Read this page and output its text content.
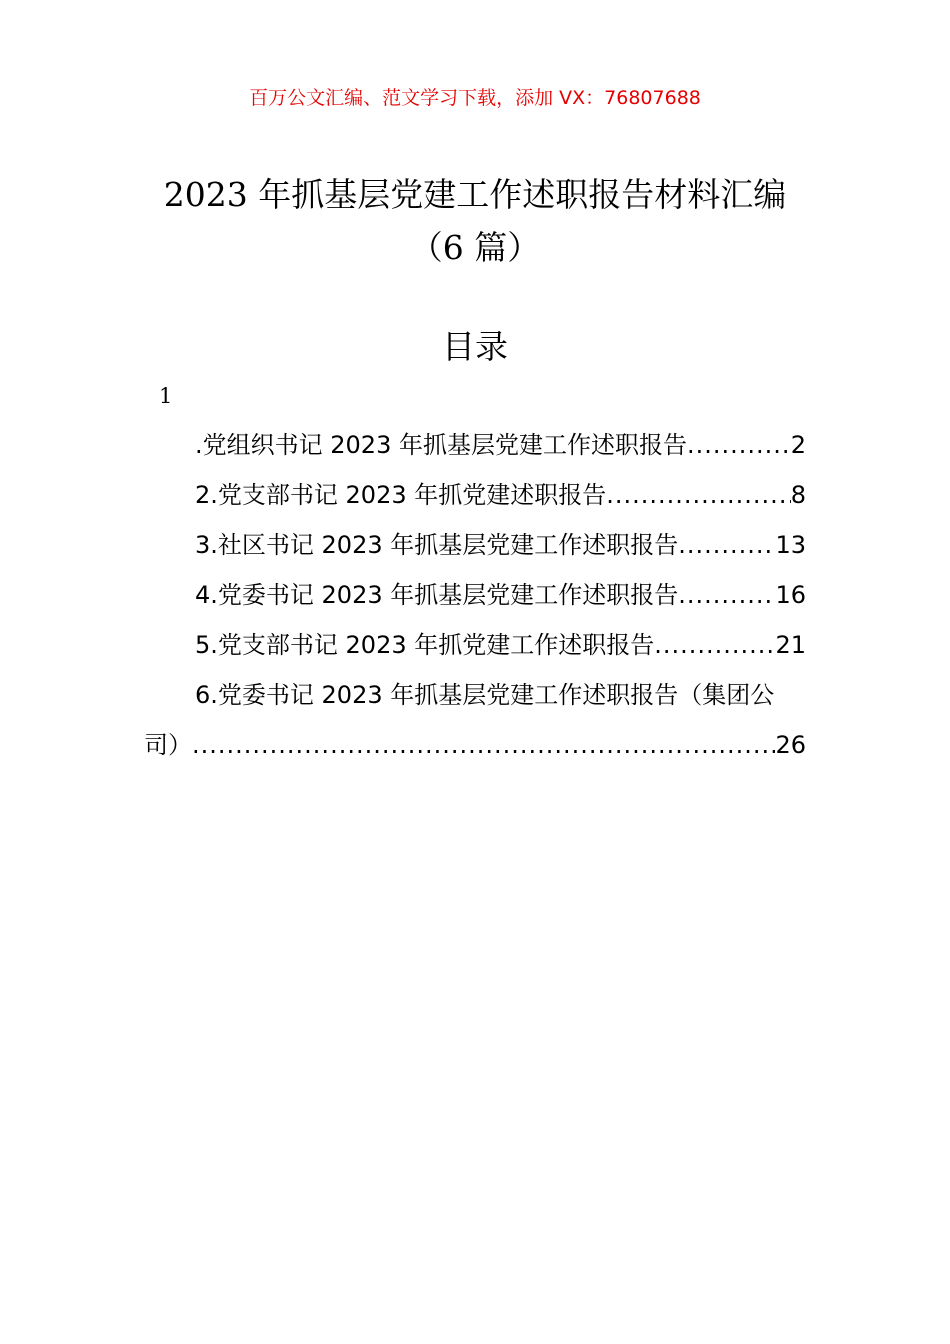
百万公文汇编、范文学习下载，添加 VX：76807688
2023 年抓基层党建工作述职报告材料汇编
（6 篇）
目录
1
.党组织书记 2023 年抓基层党建工作述职报告 .....	2
2.党支部书记 2023 年抓党建述职报告 .....	8
3.社区书记 2023 年抓基层党建工作述职报告 .....	13
4.党委书记 2023 年抓基层党建工作述职报告 .....	16
5.党支部书记 2023 年抓党建工作述职报告 .....	21
6.党委书记 2023 年抓基层党建工作述职报告（集团公
司） .....	26
